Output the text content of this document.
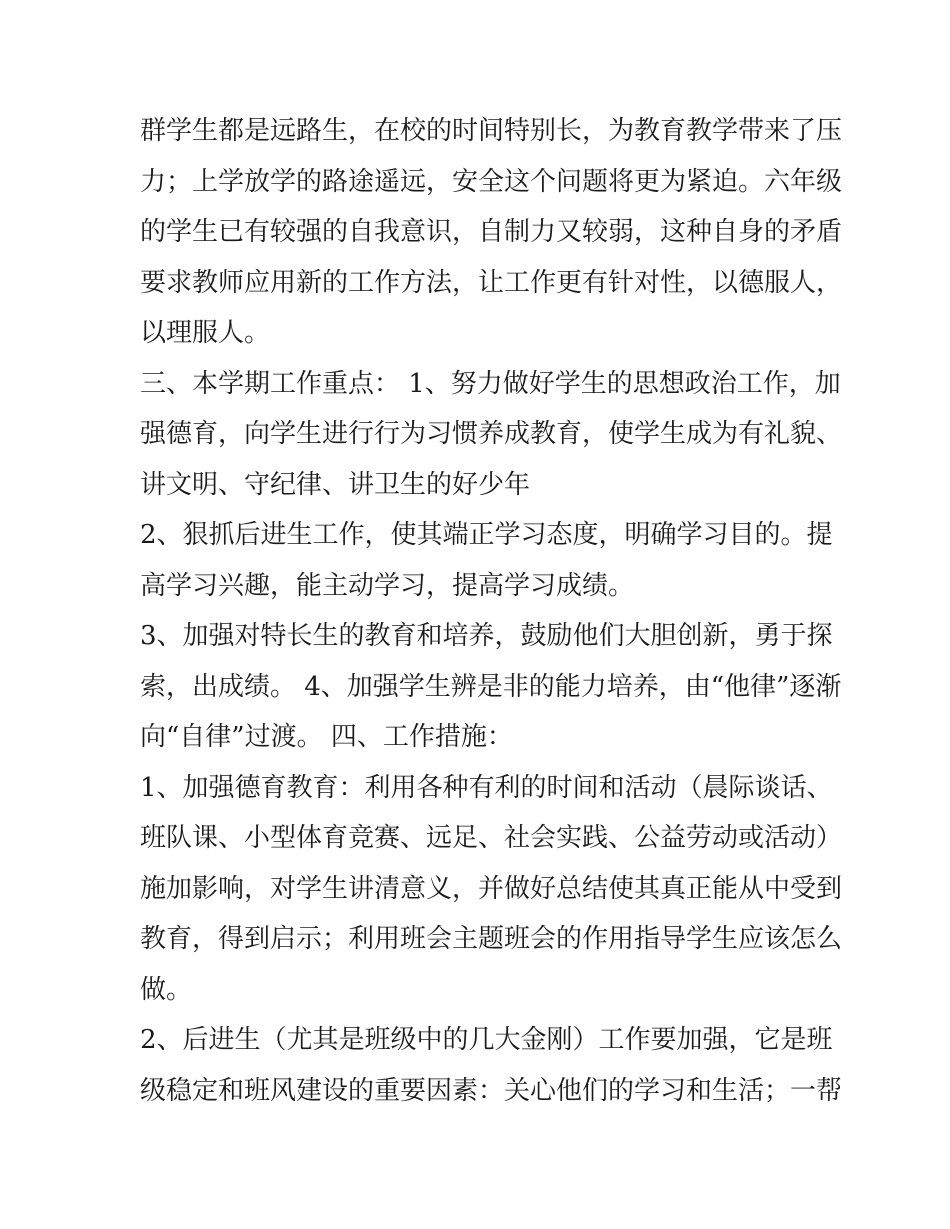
群学生都是远路生，在校的时间特别长，为教育教学带来了压
力；上学放学的路途遥远，安全这个问题将更为紧迫。六年级
的学生已有较强的自我意识，自制力又较弱，这种自身的矛盾
要求教师应用新的工作方法，让工作更有针对性，以德服人，
以理服人。
三、本学期工作重点： 1、努力做好学生的思想政治工作，加
强德育，向学生进行行为习惯养成教育，使学生成为有礼貌、
讲文明、守纪律、讲卫生的好少年
2、狠抓后进生工作，使其端正学习态度，明确学习目的。提
高学习兴趣，能主动学习，提高学习成绩。
3、加强对特长生的教育和培养，鼓励他们大胆创新，勇于探
索，出成绩。 4、加强学生辨是非的能力培养，由“他律”逐渐
向“自律”过渡。 四、工作措施：
1、加强德育教育：利用各种有利的时间和活动（晨际谈话、
班队课、小型体育竞赛、远足、社会实践、公益劳动或活动）
施加影响，对学生讲清意义，并做好总结使其真正能从中受到
教育，得到启示；利用班会主题班会的作用指导学生应该怎么
做。
2、后进生（尤其是班级中的几大金刚）工作要加强，它是班
级稳定和班风建设的重要因素：关心他们的学习和生活；一帮
